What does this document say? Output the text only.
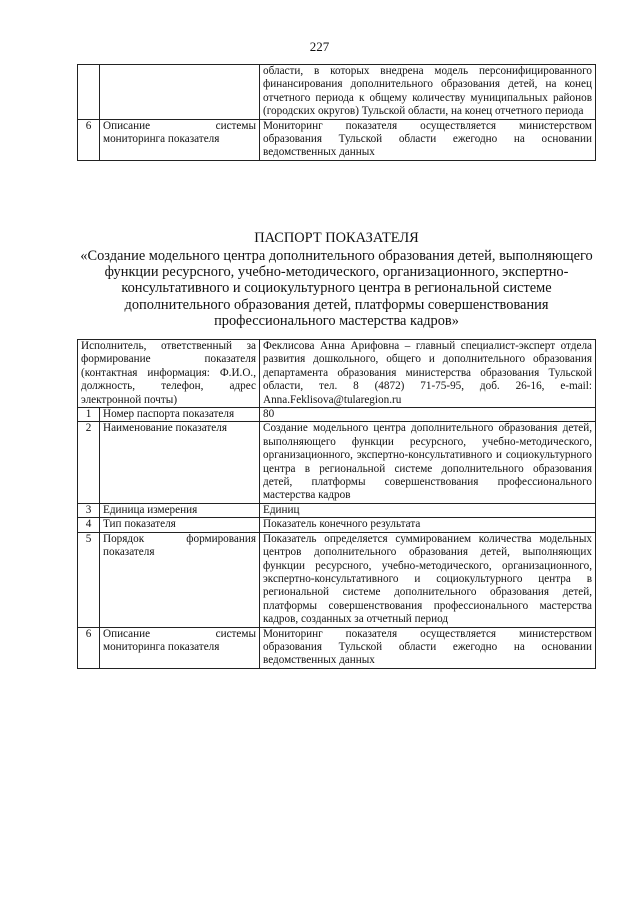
227
		области, в которых внедрена модель персонифицированного финансирования дополнительного образования детей, на конец отчетного периода к общему количеству муниципальных районов (городских округов) Тульской области, на конец отчетного периода
6	Описание системы мониторинга показателя	Мониторинг показателя осуществляется министерством образования Тульской области ежегодно на основании ведомственных данных
ПАСПОРТ ПОКАЗАТЕЛЯ
«Создание модельного центра дополнительного образования детей, выполняющего функции ресурсного, учебно-методического, организационного, экспертно-консультативного и социокультурного центра в региональной системе дополнительного образования детей, платформы совершенствования профессионального мастерства кадров»
Исполнитель, ответственный за формирование показателя (контактная информация: Ф.И.О., должность, телефон, адрес электронной почты)		Феклисова Анна Арифовна – главный специалист-эксперт отдела развития дошкольного, общего и дополнительного образования департамента образования министерства образования Тульской области, тел. 8 (4872) 71-75-95, доб. 26-16, e-mail: Anna.Feklisova@tularegion.ru
1	Номер паспорта показателя	80
2	Наименование показателя	Создание модельного центра дополнительного образования детей, выполняющего функции ресурсного, учебно-методического, организационного, экспертно-консультативного и социокультурного центра в региональной системе дополнительного образования детей, платформы совершенствования профессионального мастерства кадров
3	Единица измерения	Единиц
4	Тип показателя	Показатель конечного результата
5	Порядок формирования показателя	Показатель определяется суммированием количества модельных центров дополнительного образования детей, выполняющих функции ресурсного, учебно-методического, организационного, экспертно-консультативного и социокультурного центра в региональной системе дополнительного образования детей, платформы совершенствования профессионального мастерства кадров, созданных за отчетный период
6	Описание системы мониторинга показателя	Мониторинг показателя осуществляется министерством образования Тульской области ежегодно на основании ведомственных данных
